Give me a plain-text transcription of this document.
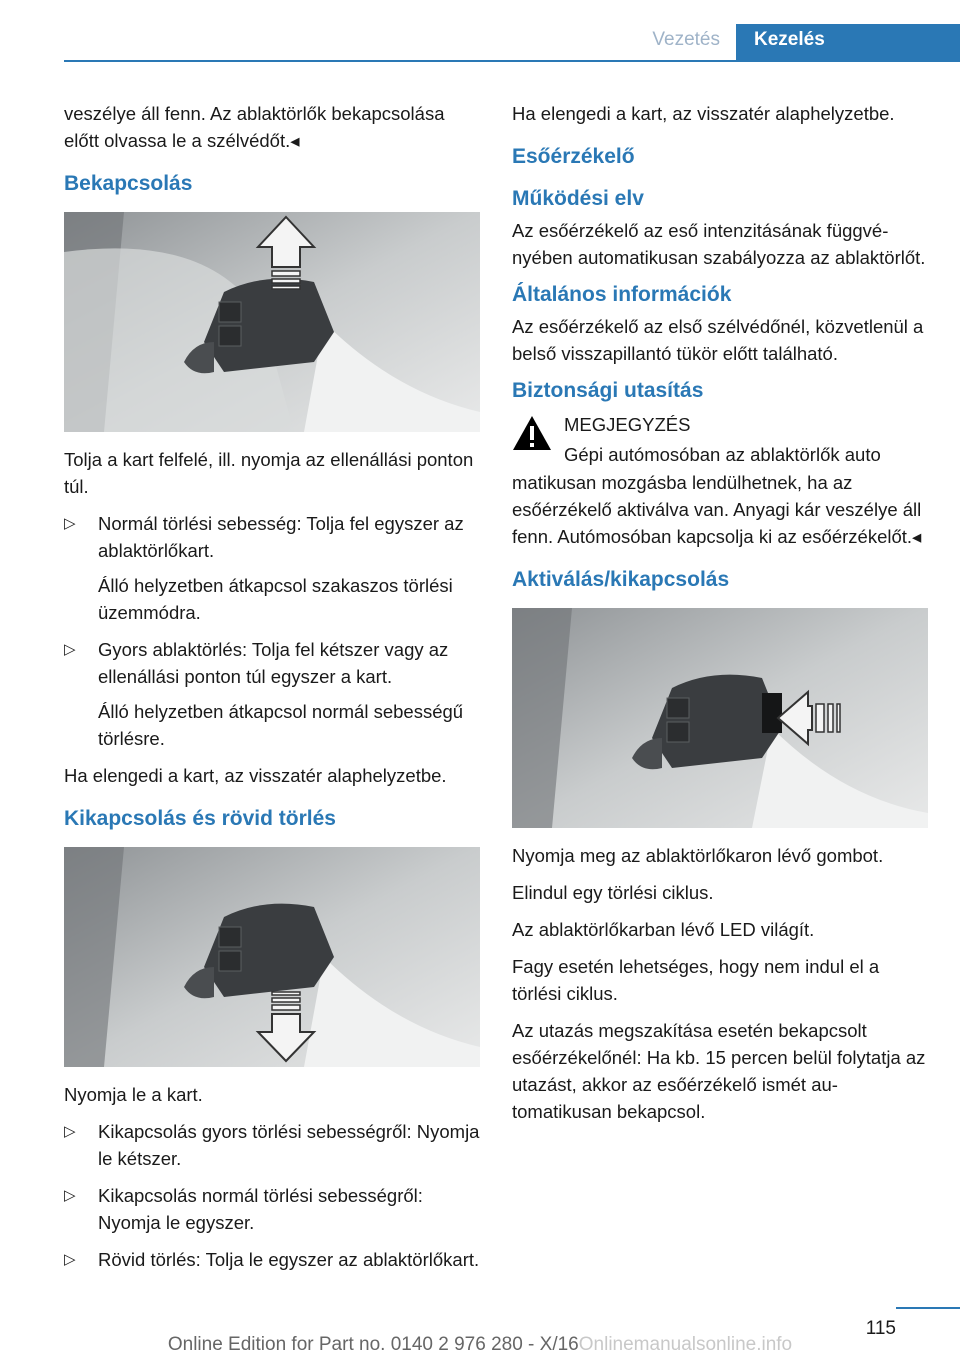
Vezetés	Kezelés

veszélye áll fenn. Az ablaktörlők bekapcsolása előtt olvassa le a szélvédőt.◂

Bekapcsolás

Tolja a kart felfelé, ill. nyomja az ellenállási ponton túl.

▷ Normál törlési sebesség: Tolja fel egyszer az ablaktörlőkart.
Álló helyzetben átkapcsol szakaszos törlési üzemmódra.
▷ Gyors ablaktörlés: Tolja fel kétszer vagy az ellenállási ponton túl egyszer a kart.
Álló helyzetben átkapcsol normál sebességű törlésre.

Ha elengedi a kart, az visszatér alaphelyzetbe.

Kikapcsolás és rövid törlés

Nyomja le a kart.

▷ Kikapcsolás gyors törlési sebességről: Nyomja le kétszer.
▷ Kikapcsolás normál törlési sebességről: Nyomja le egyszer.
▷ Rövid törlés: Tolja le egyszer az ablaktörlőkart.

Ha elengedi a kart, az visszatér alaphelyzetbe.

Esőérzékelő
Működési elv

Az esőérzékelő az eső intenzitásának függvényében automatikusan szabályozza az ablaktörlőt.

Általános információk

Az esőérzékelő az első szélvédőnél, közvetlenül a belső visszapillantó tükör előtt található.

Biztonsági utasítás
MEGJEGYZÉS
Gépi autómosóban az ablaktörlők auto

matikusan mozgásba lendülhetnek, ha az esőérzékelő aktiválva van. Anyagi kár veszélye áll fenn. Autómosóban kapcsolja ki az esőérzékelőt.◂

Aktiválás/kikapcsolás

Nyomja meg az ablaktörlőkaron lévő gombot.

Elindul egy törlési ciklus.

Az ablaktörlőkarban lévő LED világít.

Fagy esetén lehetséges, hogy nem indul el a törlési ciklus.

Az utazás megszakítása esetén bekapcsolt esőérzékelőnél: Ha kb. 15 percen belül folytatja az utazást, akkor az esőérzékelő ismét automatikusan bekapcsol.

115
Online Edition for Part no. 0140 2 976 280 - X/16Onlinemanualsonline.info
